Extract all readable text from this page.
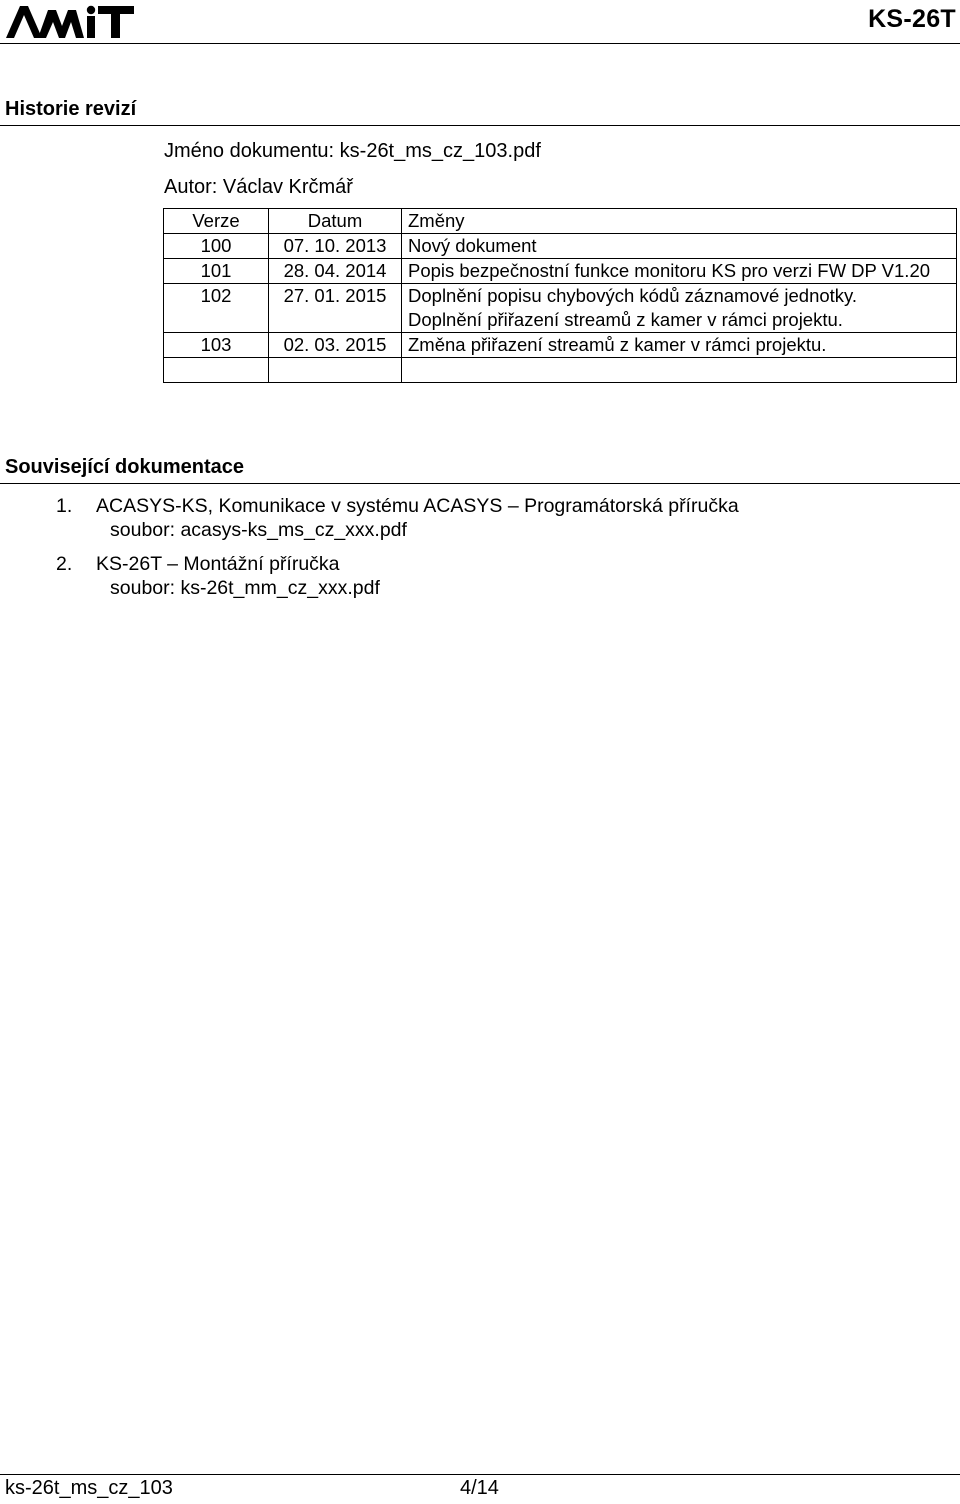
KS-26T
Historie revizí
Jméno dokumentu: ks-26t_ms_cz_103.pdf
Autor: Václav Krčmář
Verze	Datum	Změny
100	07. 10. 2013	Nový dokument

101	28. 04. 2014	Popis bezpečnostní funkce monitoru KS pro verzi FW DP V1.20

102	27. 01. 2015	Doplnění popisu chybových kódů záznamové jednotky.
Doplnění přiřazení streamů z kamer v rámci projektu.

103	02. 03. 2015	Změna přiřazení streamů z kamer v rámci projektu.

Související dokumentace
1. ACASYS-KS, Komunikace v systému ACASYS – Programátorská příručka
soubor: acasys-ks_ms_cz_xxx.pdf
2. KS-26T – Montážní příručka
soubor: ks-26t_mm_cz_xxx.pdf
ks-26t_ms_cz_103	4/14
